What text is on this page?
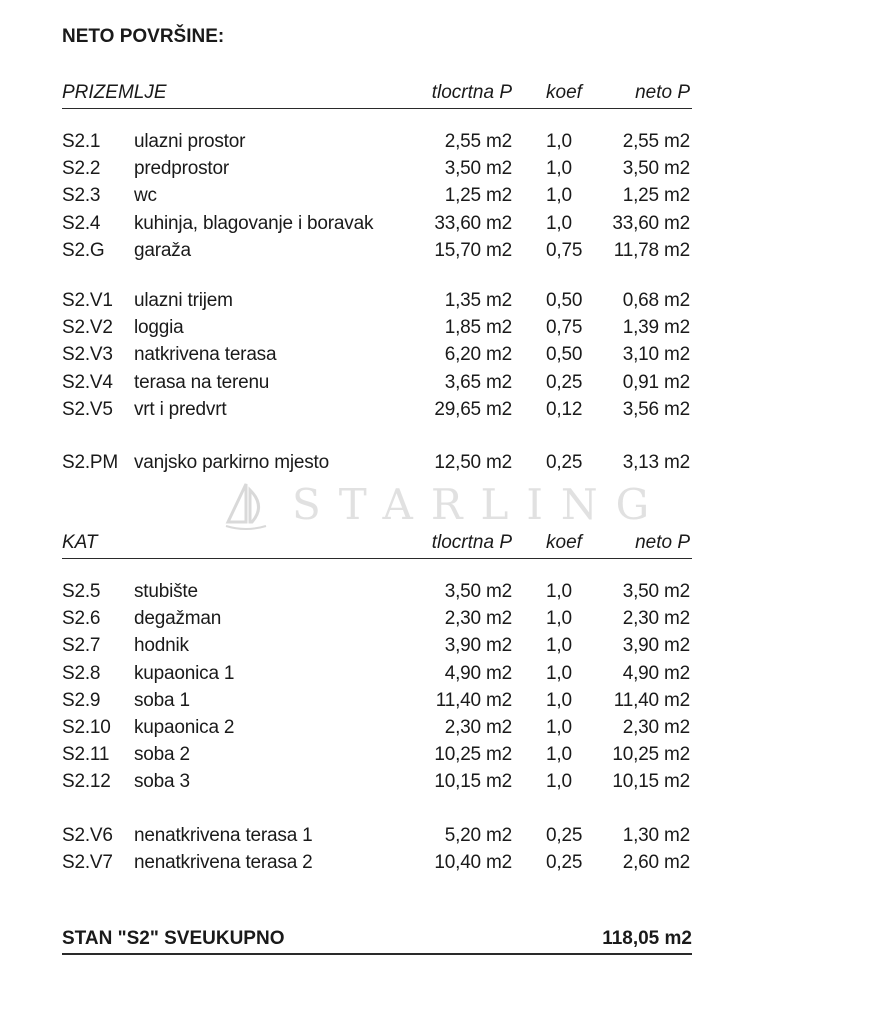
NETO POVRŠINE:
STARLING
PRIZEMLJE	tlocrtna P koef	neto P
S2.1 ulazni prostor	2,55 m2 1,0	2,55 m2
S2.2 predprostor	3,50 m2 1,0	3,50 m2
S2.3 wc	1,25 m2 1,0	1,25 m2
S2.4 kuhinja, blagovanje i boravak	33,60 m2 1,0 33,60 m2
S2.G garaža	15,70 m2 0,75 11,78 m2
S2.V1 ulazni trijem	1,35 m2 0,50 0,68 m2
S2.V2 loggia	1,85 m2 0,75 1,39 m2
S2.V3 natkrivena terasa	6,20 m2 0,50 3,10 m2
S2.V4 terasa na terenu	3,65 m2 0,25 0,91 m2
S2.V5 vrt i predvrt	29,65 m2 0,12 3,56 m2
S2.PM vanjsko parkirno mjesto	12,50 m2 0,25 3,13 m2
KAT	tlocrtna P koef	neto P
S2.5 stubište	3,50 m2 1,0	3,50 m2
S2.6 degažman	2,30 m2 1,0	2,30 m2
S2.7 hodnik	3,90 m2 1,0	3,90 m2
S2.8 kupaonica 1	4,90 m2 1,0	4,90 m2
S2.9 soba 1	11,40 m2 1,0 11,40 m2
S2.10 kupaonica 2	2,30 m2 1,0	2,30 m2
S2.11 soba 2	10,25 m2 1,0 10,25 m2
S2.12 soba 3	10,15 m2 1,0 10,15 m2
S2.V6 nenatkrivena terasa 1	5,20 m2 0,25 1,30 m2
S2.V7 nenatkrivena terasa 2	10,40 m2 0,25 2,60 m2
STAN "S2" SVEUKUPNO	118,05 m2
